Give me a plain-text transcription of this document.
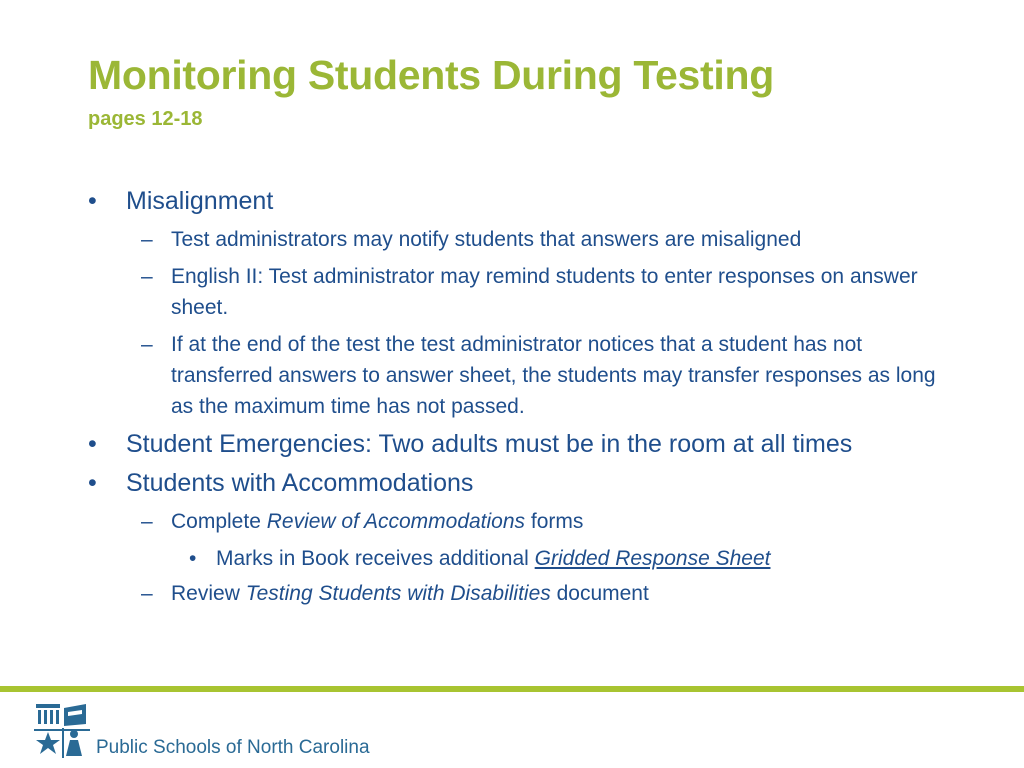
Monitoring Students During Testing
pages 12-18
• Misalignment
– Test administrators may notify students that answers are misaligned
– English II: Test administrator may remind students to enter responses on answer sheet.
– If at the end of the test the test administrator notices that a student has not transferred answers to answer sheet, the students may transfer responses as long as the maximum time has not passed.
• Student Emergencies: Two adults must be in the room at all times
• Students with Accommodations
– Complete Review of Accommodations forms
• Marks in Book receives additional Gridded Response Sheet
– Review Testing Students with Disabilities document
Public Schools of North Carolina
